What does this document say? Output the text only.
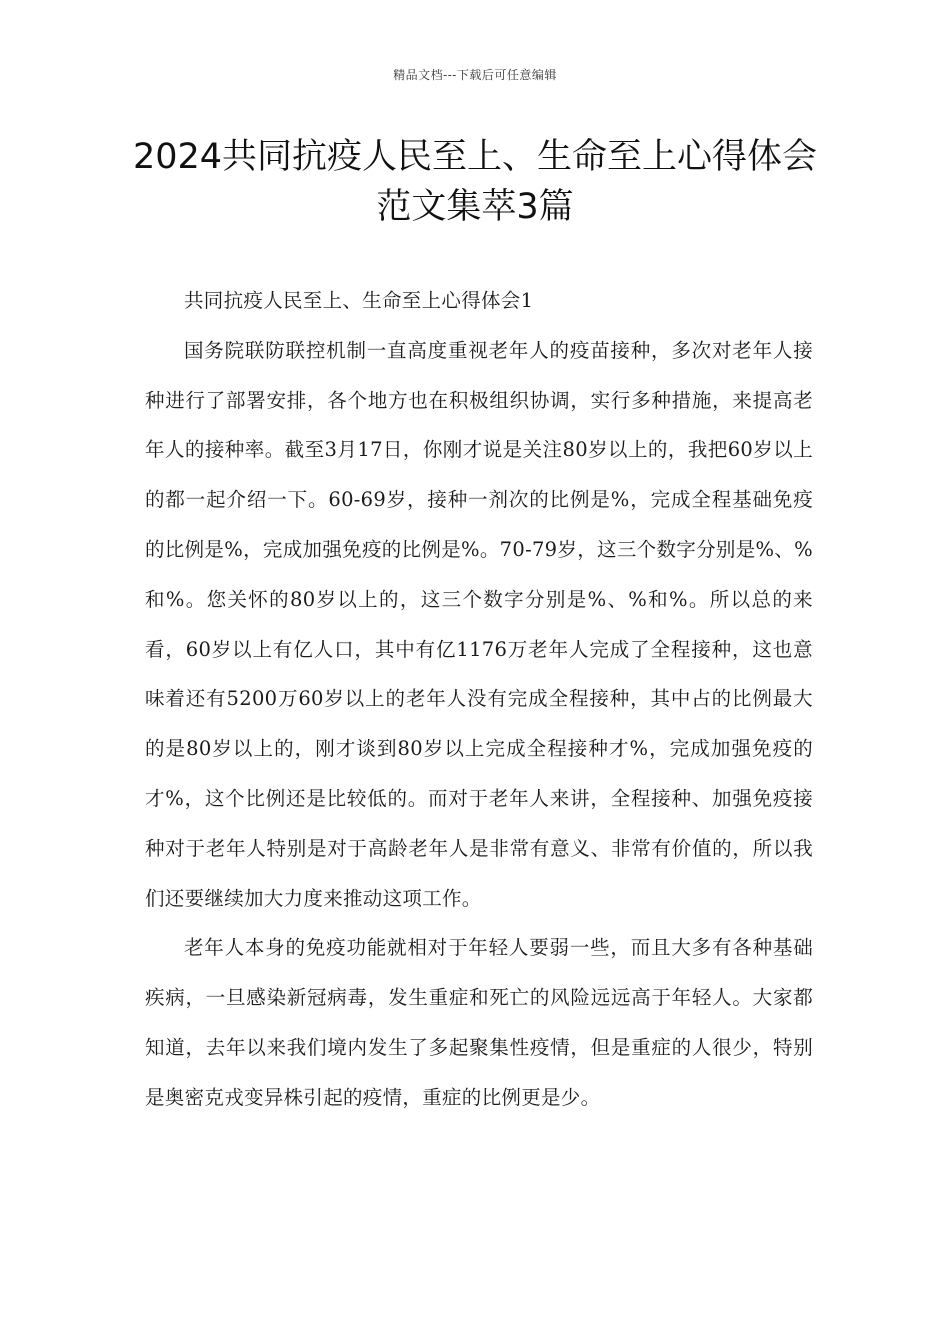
精品文档---下载后可任意编辑
2024共同抗疫人民至上、生命至上心得体会范文集萃3篇

共同抗疫人民至上、生命至上心得体会1

国务院联防联控机制一直高度重视老年人的疫苗接种，多次对老年人接种进行了部署安排，各个地方也在积极组织协调，实行多种措施，来提高老年人的接种率。截至3月17日，你刚才说是关注80岁以上的，我把60岁以上的都一起介绍一下。60-69岁，接种一剂次的比例是%，完成全程基础免疫的比例是%，完成加强免疫的比例是%。70-79岁，这三个数字分别是%、%和%。您关怀的80岁以上的，这三个数字分别是%、%和%。所以总的来看，60岁以上有亿人口，其中有亿1176万老年人完成了全程接种，这也意味着还有5200万60岁以上的老年人没有完成全程接种，其中占的比例最大的是80岁以上的，刚才谈到80岁以上完成全程接种才%，完成加强免疫的才%，这个比例还是比较低的。而对于老年人来讲，全程接种、加强免疫接种对于老年人特别是对于高龄老年人是非常有意义、非常有价值的，所以我们还要继续加大力度来推动这项工作。

老年人本身的免疫功能就相对于年轻人要弱一些，而且大多有各种基础疾病，一旦感染新冠病毒，发生重症和死亡的风险远远高于年轻人。大家都知道，去年以来我们境内发生了多起聚集性疫情，但是重症的人很少，特别是奥密克戎变异株引起的疫情，重症的比例更是少。
